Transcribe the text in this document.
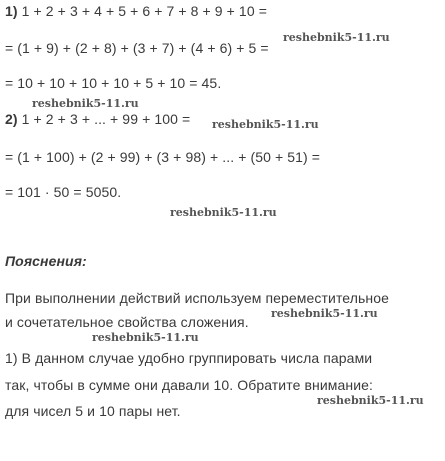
1) 1 + 2 + 3 + 4 + 5 + 6 + 7 + 8 + 9 + 10 =
= (1 + 9) + (2 + 8) + (3 + 7) + (4 + 6) + 5 =
= 10 + 10 + 10 + 10 + 5 + 10 = 45.
2) 1 + 2 + 3 + ... + 99 + 100 =
= (1 + 100) + (2 + 99) + (3 + 98) + ... + (50 + 51) =
= 101 · 50 = 5050.
Пояснения:
При выполнении действий используем переместительное
и сочетательное свойства сложения.
1) В данном случае удобно группировать числа парами
так, чтобы в сумме они давали 10. Обратите внимание:
для чисел 5 и 10 пары нет.
reshebnik5-11.ru
reshebnik5-11.ru
reshebnik5-11.ru
reshebnik5-11.ru
reshebnik5-11.ru
reshebnik5-11.ru
reshebnik5-11.ru
